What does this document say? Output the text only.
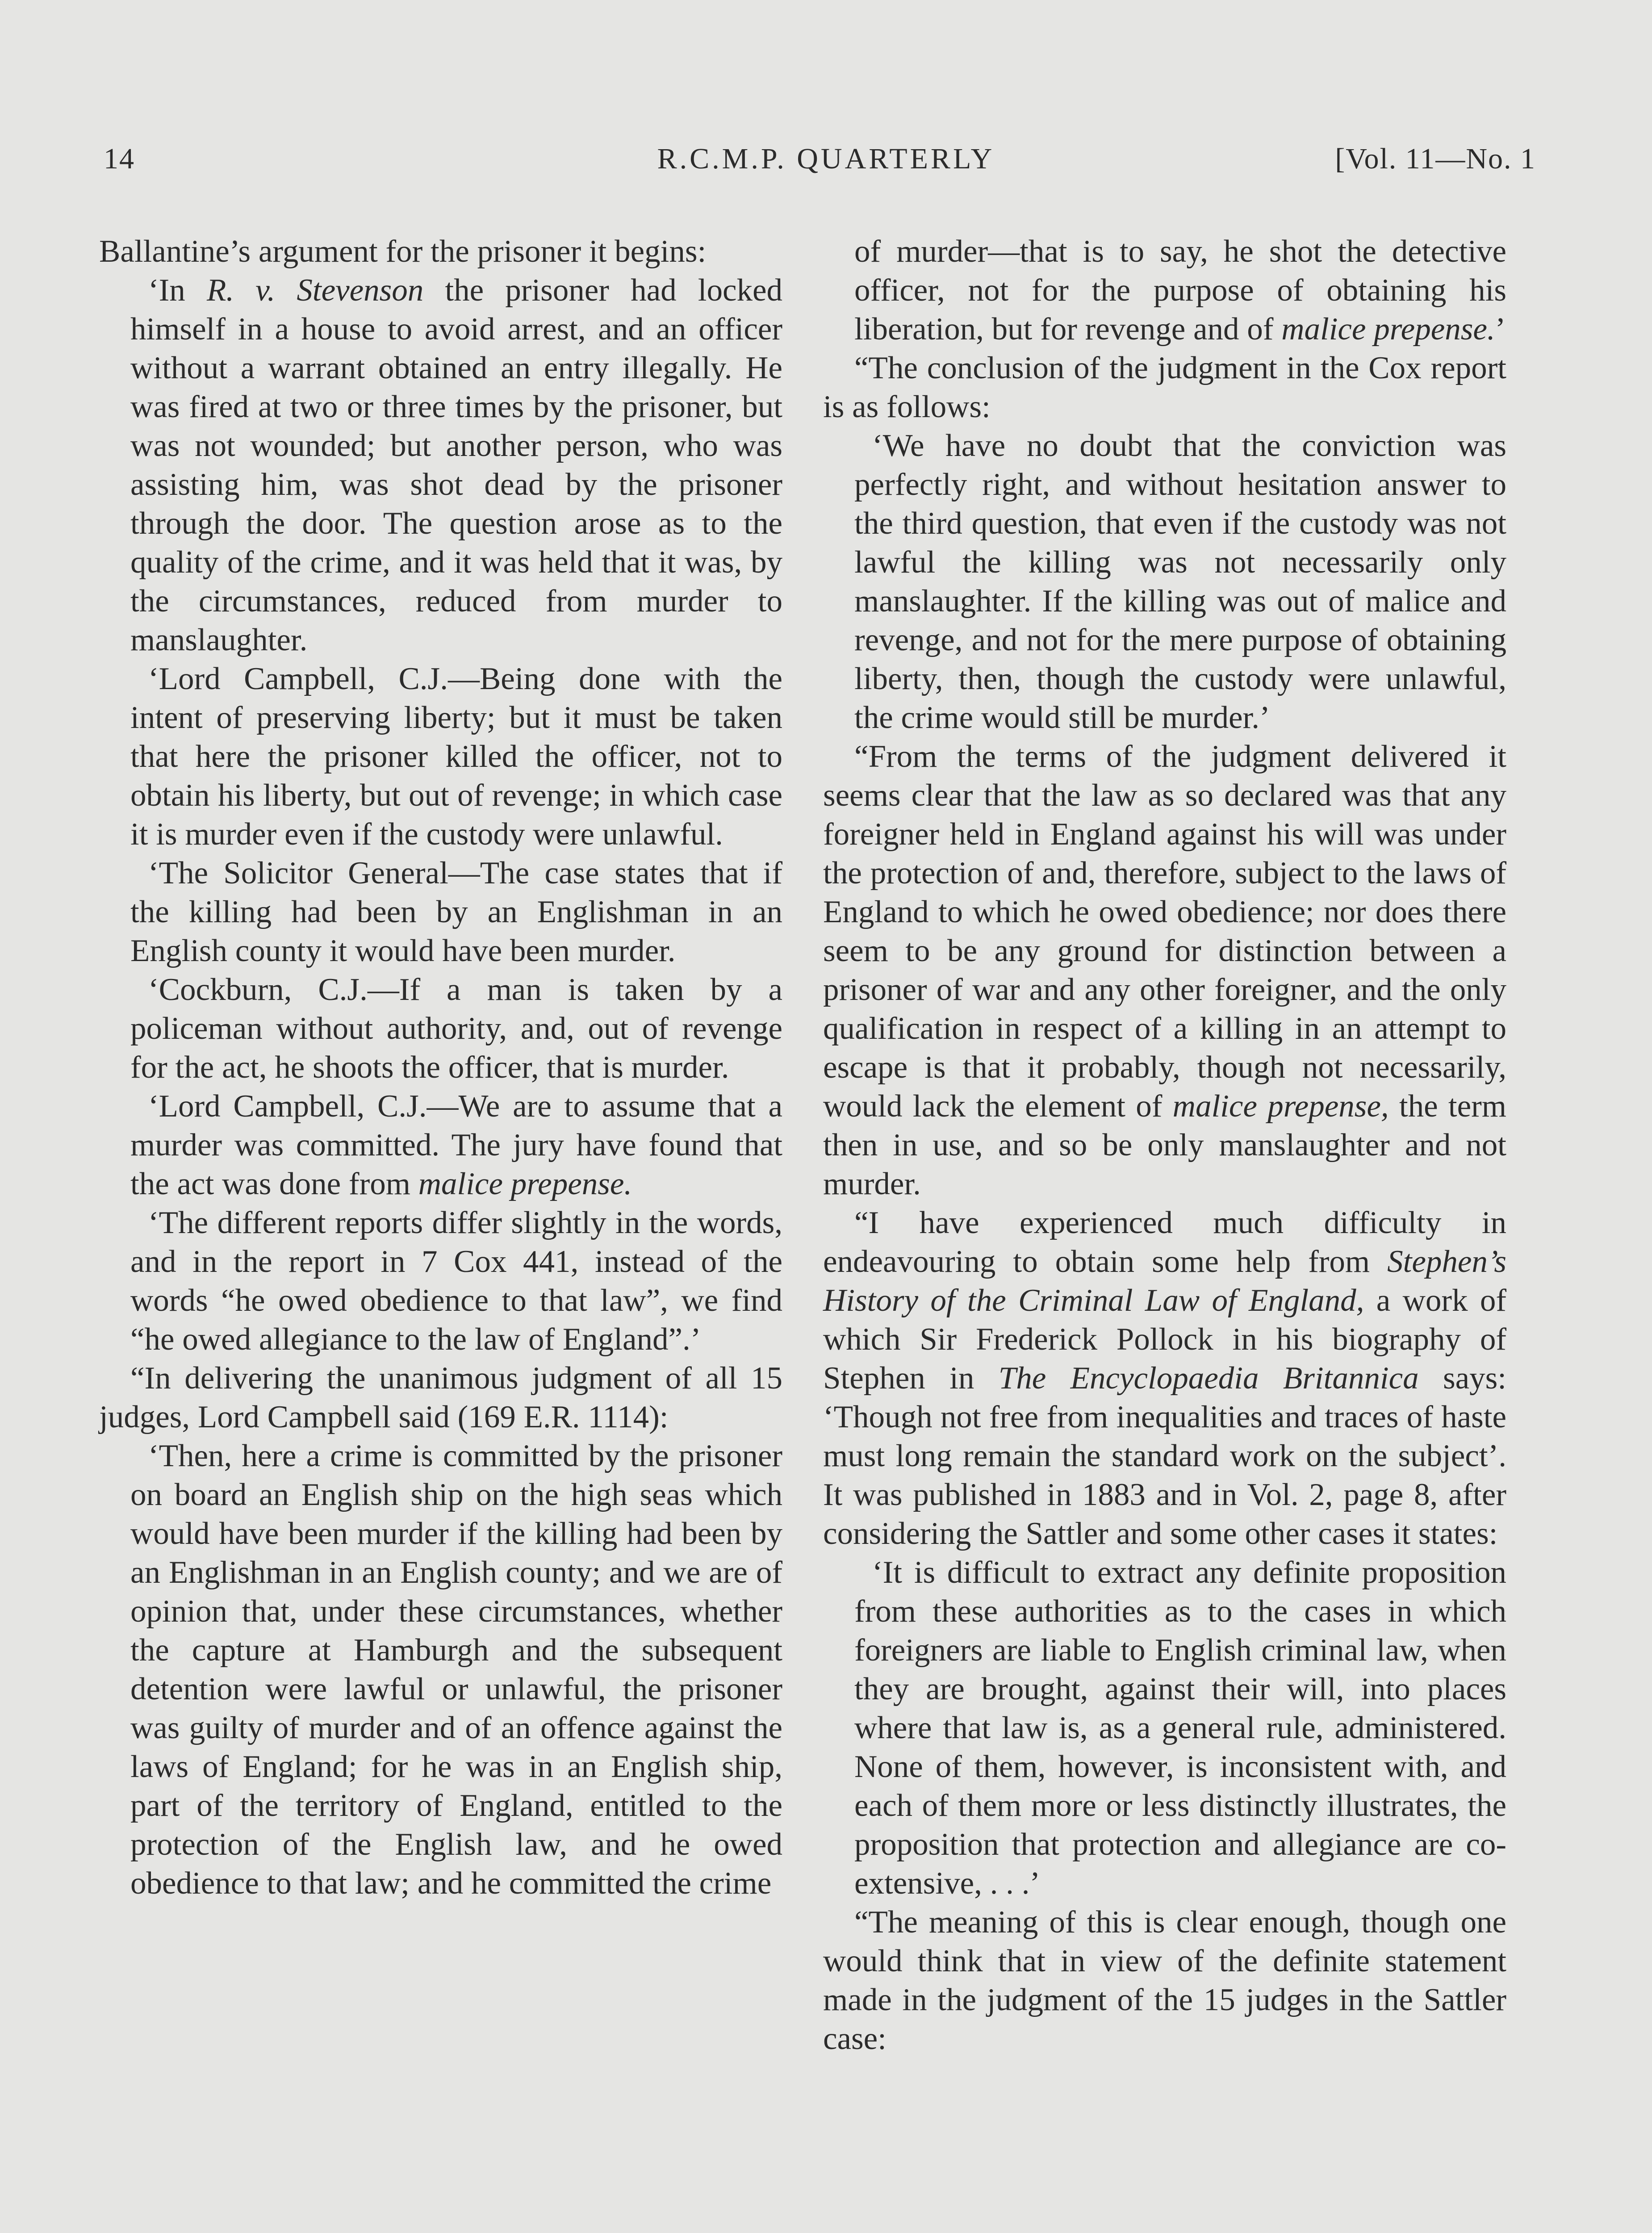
R.C.M.P. QUARTERLY
14	[Vol. 11—No. 1

Ballantine’s argument for the prisoner it begins:

‘In R. v. Stevenson the prisoner had locked himself in a house to avoid arrest, and an officer without a warrant obtained an entry illegally. He was fired at two or three times by the prisoner, but was not wounded; but another person, who was assisting him, was shot dead by the prisoner through the door. The question arose as to the quality of the crime, and it was held that it was, by the circumstances, reduced from murder to manslaughter.

‘Lord Campbell, C.J.—Being done with the intent of preserving liberty; but it must be taken that here the prisoner killed the officer, not to obtain his liberty, but out of revenge; in which case it is murder even if the custody were unlawful.

‘The Solicitor General—The case states that if the killing had been by an Englishman in an English county it would have been murder.

‘Cockburn, C.J.—If a man is taken by a policeman without authority, and, out of revenge for the act, he shoots the officer, that is murder.

‘Lord Campbell, C.J.—We are to assume that a murder was committed. The jury have found that the act was done from malice prepense.

‘The different reports differ slightly in the words, and in the report in 7 Cox 441, instead of the words “he owed obedience to that law”, we find “he owed allegiance to the law of England”.’

“In delivering the unanimous judgment of all 15 judges, Lord Campbell said (169 E.R. 1114):

‘Then, here a crime is committed by the prisoner on board an English ship on the high seas which would have been murder if the killing had been by an Englishman in an English county; and we are of opinion that, under these circumstances, whether the capture at Hamburgh and the subsequent detention were lawful or unlawful, the prisoner was guilty of murder and of an offence against the laws of England; for he was in an English ship, part of the territory of England, entitled to the protection of the English law, and he owed obedience to that law; and he committed the crime

of murder—that is to say, he shot the detective officer, not for the purpose of obtaining his liberation, but for revenge and of malice prepense.’

“The conclusion of the judgment in the Cox report is as follows:

‘We have no doubt that the conviction was perfectly right, and without hesitation answer to the third question, that even if the custody was not lawful the killing was not necessarily only manslaughter. If the killing was out of malice and revenge, and not for the mere purpose of obtaining liberty, then, though the custody were unlawful, the crime would still be murder.’

“From the terms of the judgment delivered it seems clear that the law as so declared was that any foreigner held in England against his will was under the protection of and, therefore, subject to the laws of England to which he owed obedience; nor does there seem to be any ground for distinction between a prisoner of war and any other foreigner, and the only qualification in respect of a killing in an attempt to escape is that it probably, though not necessarily, would lack the element of malice prepense, the term then in use, and so be only manslaughter and not murder.

“I have experienced much difficulty in endeavouring to obtain some help from Stephen’s History of the Criminal Law of England, a work of which Sir Frederick Pollock in his biography of Stephen in The Encyclopaedia Britannica says: ‘Though not free from inequalities and traces of haste must long remain the standard work on the subject’. It was published in 1883 and in Vol. 2, page 8, after considering the Sattler and some other cases it states:

‘It is difficult to extract any definite proposition from these authorities as to the cases in which foreigners are liable to English criminal law, when they are brought, against their will, into places where that law is, as a general rule, administered. None of them, however, is inconsistent with, and each of them more or less distinctly illustrates, the proposition that protection and allegiance are co-extensive, . . .’

“The meaning of this is clear enough, though one would think that in view of the definite statement made in the judgment of the 15 judges in the Sattler case:
